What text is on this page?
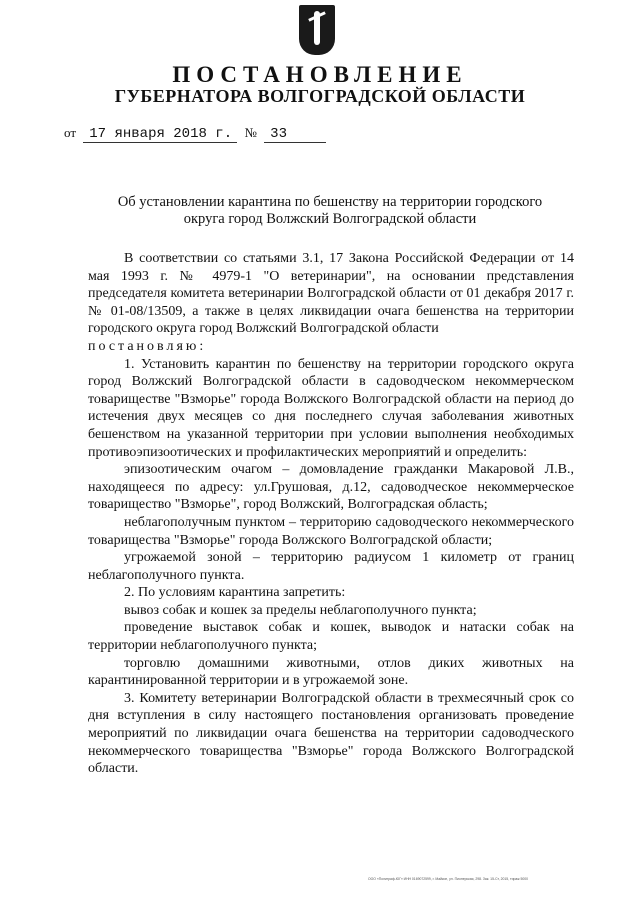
ПОСТАНОВЛЕНИЕ
ГУБЕРНАТОРА ВОЛГОГРАДСКОЙ ОБЛАСТИ
от 17 января 2018 г. № 33
Об установлении карантина по бешенству на территории городского округа город Волжский Волгоградской области

В соответствии со статьями 3.1, 17 Закона Российской Федерации от 14 мая 1993 г. № 4979-1 "О ветеринарии", на основании представления председателя комитета ветеринарии Волгоградской области от 01 декабря 2017 г. № 01-08/13509, а также в целях ликвидации очага бешенства на территории городского округа город Волжский Волгоградской области

постановляю:

1. Установить карантин по бешенству на территории городского округа город Волжский Волгоградской области в садоводческом некоммерческом товариществе "Взморье" города Волжского Волгоградской области на период до истечения двух месяцев со дня последнего случая заболевания животных бешенством на указанной территории при условии выполнения необходимых противоэпизоотических и профилактических мероприятий и определить:

эпизоотическим очагом – домовладение гражданки Макаровой Л.В., находящееся по адресу: ул.Грушовая, д.12, садоводческое некоммерческое товарищество "Взморье", город Волжский, Волгоградская область;

неблагополучным пунктом – территорию садоводческого некоммерческого товарищества "Взморье" города Волжского Волгоградской области;

угрожаемой зоной – территорию радиусом 1 километр от границ неблагополучного пункта.

2. По условиям карантина запретить:

вывоз собак и кошек за пределы неблагополучного пункта;

проведение выставок собак и кошек, выводок и натаски собак на территории неблагополучного пункта;

торговлю домашними животными, отлов диких животных на карантинированной территории и в угрожаемой зоне.

3. Комитету ветеринарии Волгоградской области в трехмесячный срок со дня вступления в силу настоящего постановления организовать проведение мероприятий по ликвидации очага бешенства на территории садоводческого некоммерческого товарищества "Взморье" города Волжского Волгоградской области.

ООО «Полиграф-ЮГ» ИНН 0169072599, г. Майкоп, ул. Пионерская, 298. Зак. 15-Ст, 2015, тираж 5000
